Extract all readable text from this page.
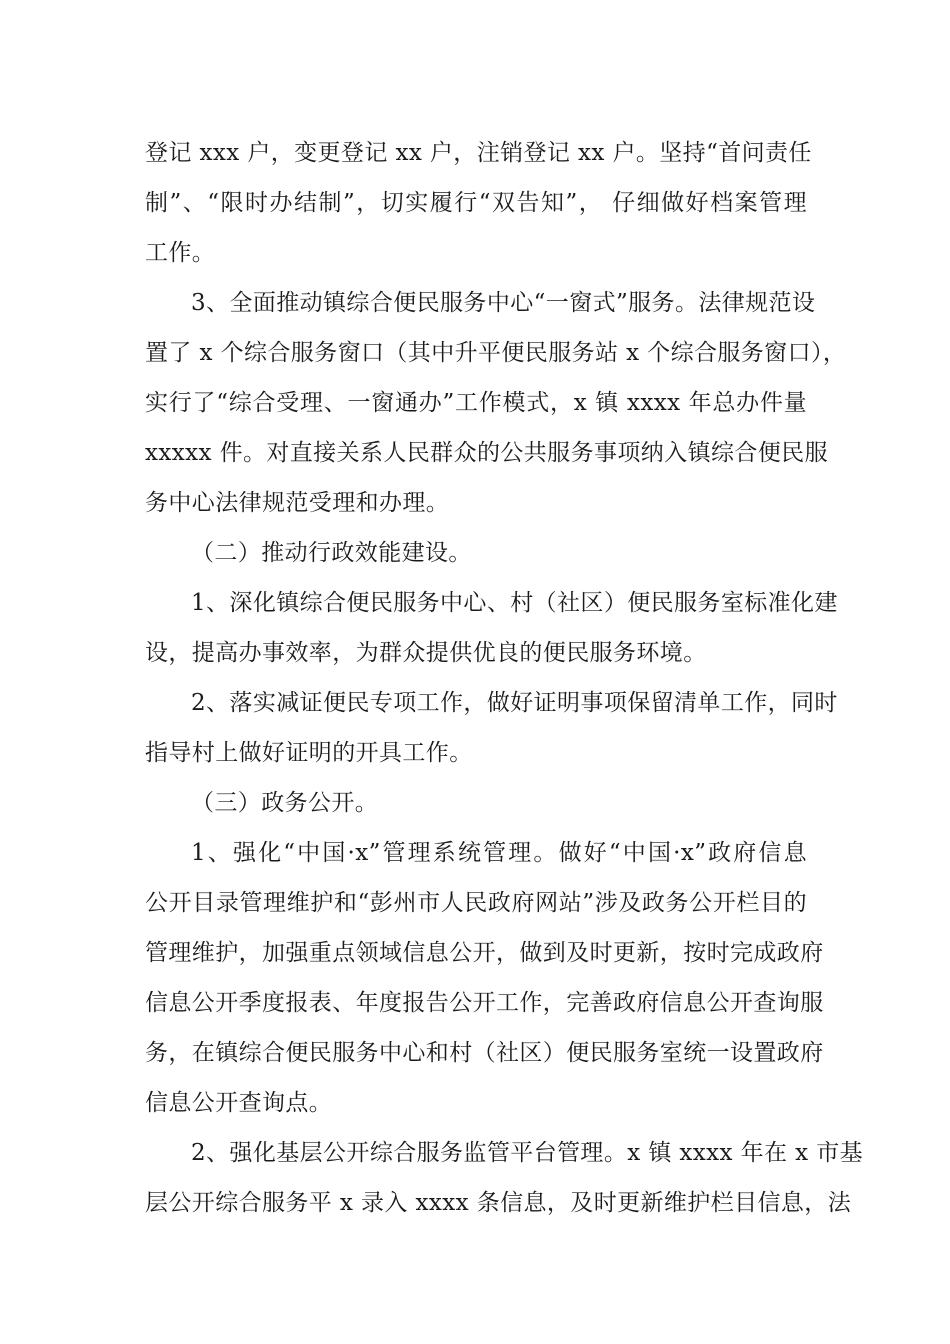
登记 xxx 户，变更登记 xx 户，注销登记 xx 户。坚持“首问责任
制”、“限时办结制”，切实履行“双告知”， 仔细做好档案管理
工作。
3、全面推动镇综合便民服务中心“一窗式”服务。法律规范设
置了 x 个综合服务窗口（其中升平便民服务站 x 个综合服务窗口），
实行了“综合受理、一窗通办”工作模式，x 镇 xxxx 年总办件量
xxxxx 件。对直接关系人民群众的公共服务事项纳入镇综合便民服
务中心法律规范受理和办理。
（二）推动行政效能建设。
1、深化镇综合便民服务中心、村（社区）便民服务室标准化建
设，提高办事效率，为群众提供优良的便民服务环境。
2、落实减证便民专项工作，做好证明事项保留清单工作，同时
指导村上做好证明的开具工作。
（三）政务公开。
1、强化“中国·x”管理系统管理。做好“中国·x”政府信息
公开目录管理维护和“彭州市人民政府网站”涉及政务公开栏目的
管理维护，加强重点领域信息公开，做到及时更新，按时完成政府
信息公开季度报表、年度报告公开工作，完善政府信息公开查询服
务，在镇综合便民服务中心和村（社区）便民服务室统一设置政府
信息公开查询点。
2、强化基层公开综合服务监管平台管理。x 镇 xxxx 年在 x 市基
层公开综合服务平 x 录入 xxxx 条信息，及时更新维护栏目信息，法
